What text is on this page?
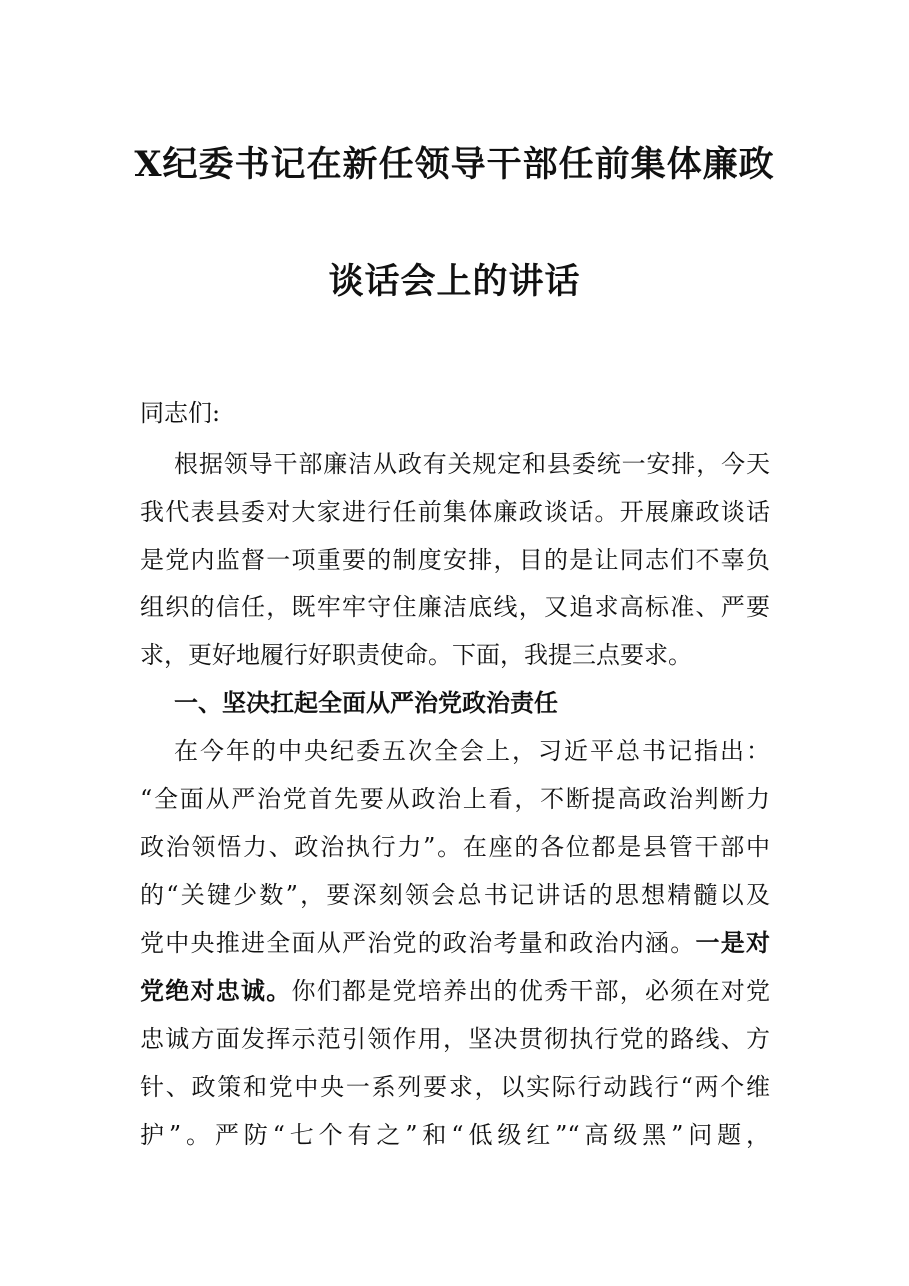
X纪委书记在新任领导干部任前集体廉政
谈话会上的讲话
同志们:
根据领导干部廉洁从政有关规定和县委统一安排，今天
我代表县委对大家进行任前集体廉政谈话。开展廉政谈话
是党内监督一项重要的制度安排，目的是让同志们不辜负
组织的信任，既牢牢守住廉洁底线，又追求高标准、严要
求，更好地履行好职责使命。下面，我提三点要求。
一、坚决扛起全面从严治党政治责任
在今年的中央纪委五次全会上，习近平总书记指出：
“全面从严治党首先要从政治上看，不断提高政治判断力
政治领悟力、政治执行力”。在座的各位都是县管干部中
的“关键少数”，要深刻领会总书记讲话的思想精髓以及
党中央推进全面从严治党的政治考量和政治内涵。一是对
党绝对忠诚。你们都是党培养出的优秀干部，必须在对党
忠诚方面发挥示范引领作用，坚决贯彻执行党的路线、方
针、政策和党中央一系列要求，以实际行动践行“两个维
护”。严防“七个有之”和“低级红”“高级黑”问题，
